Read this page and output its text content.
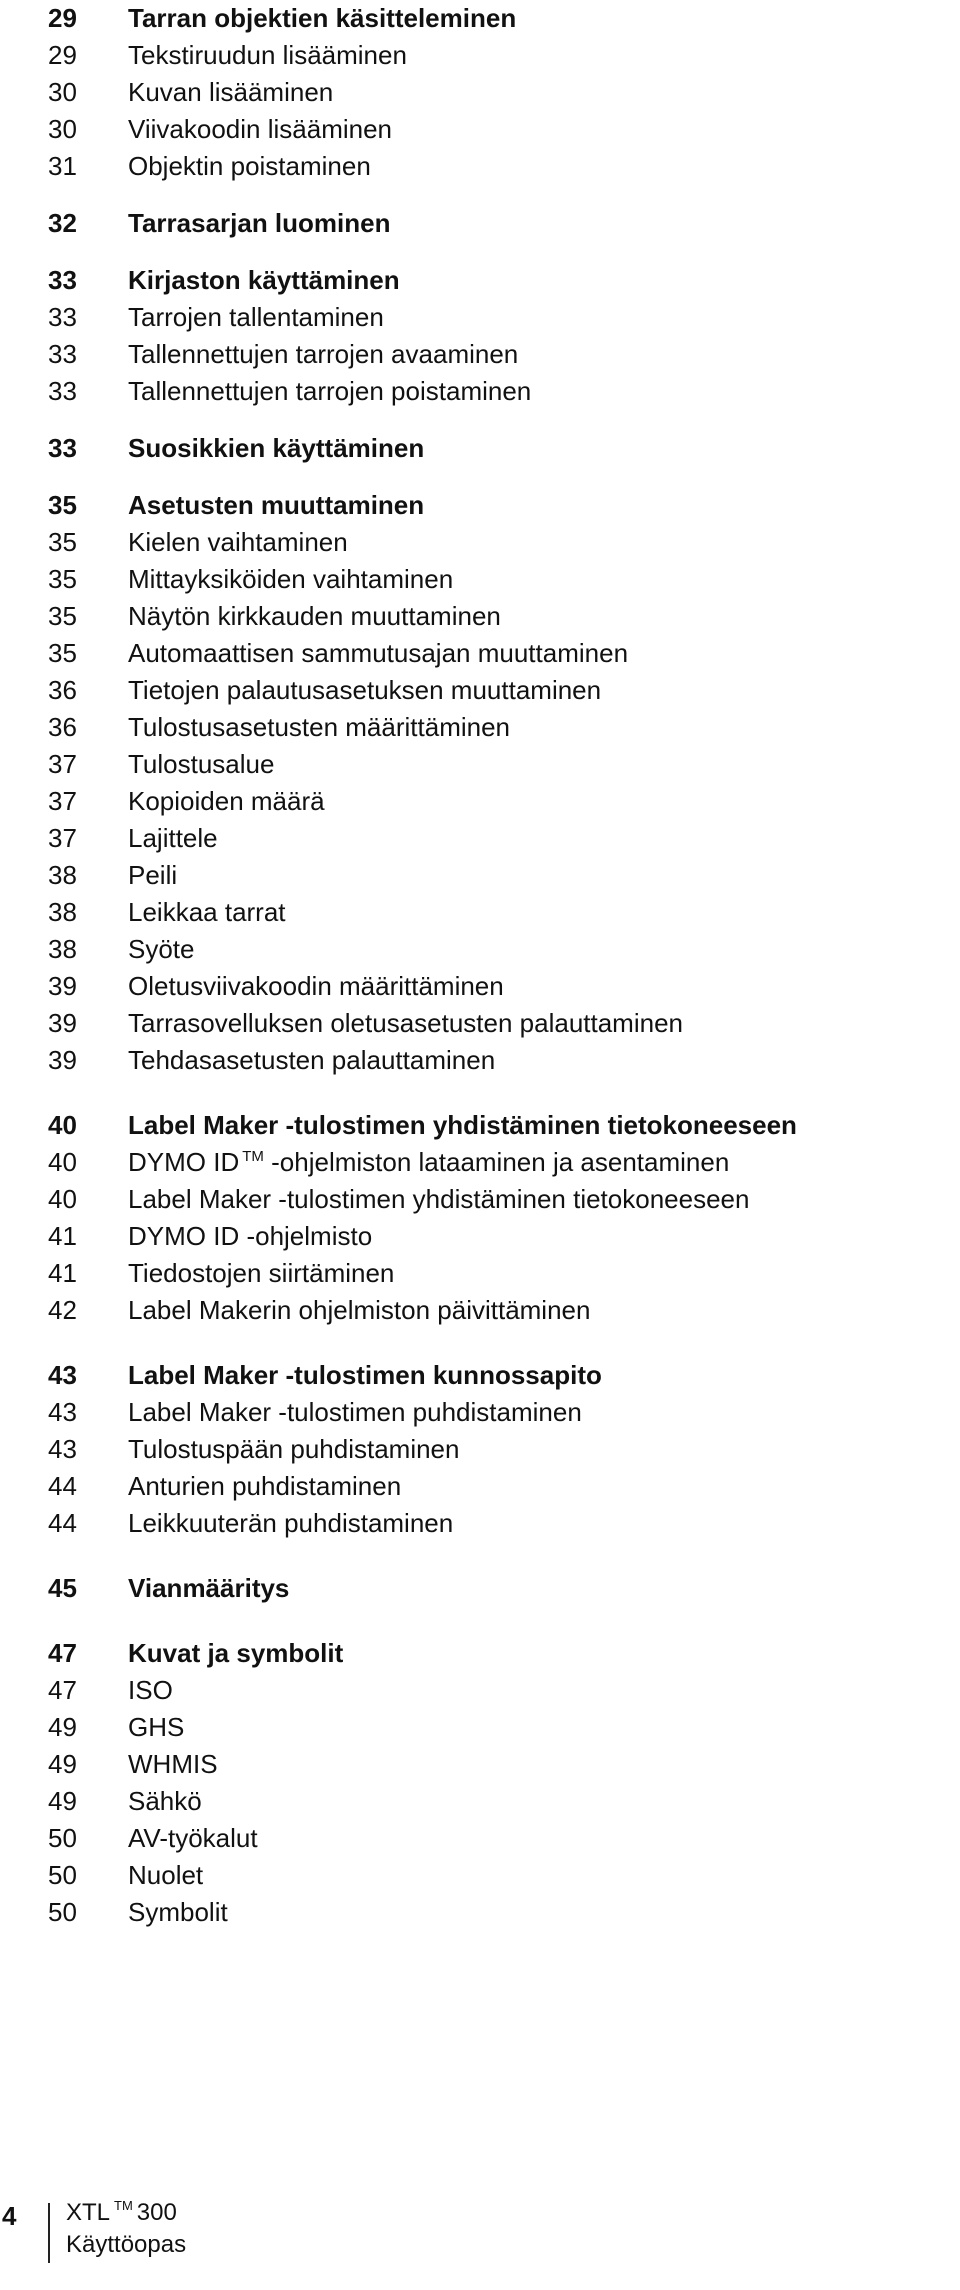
29	Tarran objektien käsitteleminen
29	Tekstiruudun lisääminen
30	Kuvan lisääminen
30	Viivakoodin lisääminen
31	Objektin poistaminen
32	Tarrasarjan luominen
33	Kirjaston käyttäminen
33	Tarrojen tallentaminen
33	Tallennettujen tarrojen avaaminen
33	Tallennettujen tarrojen poistaminen
33	Suosikkien käyttäminen
35	Asetusten muuttaminen
35	Kielen vaihtaminen
35	Mittayksiköiden vaihtaminen
35	Näytön kirkkauden muuttaminen
35	Automaattisen sammutusajan muuttaminen
36	Tietojen palautusasetuksen muuttaminen
36	Tulostusasetusten määrittäminen
37	Tulostusalue
37	Kopioiden määrä
37	Lajittele
38	Peili
38	Leikkaa tarrat
38	Syöte
39	Oletusviivakoodin määrittäminen
39	Tarrasovelluksen oletusasetusten palauttaminen
39	Tehdasasetusten palauttaminen
40	Label Maker -tulostimen yhdistäminen tietokoneeseen
40	DYMO ID ™ -ohjelmiston lataaminen ja asentaminen
40	Label Maker -tulostimen yhdistäminen tietokoneeseen
41	DYMO ID -ohjelmisto
41	Tiedostojen siirtäminen
42	Label Makerin ohjelmiston päivittäminen
43	Label Maker -tulostimen kunnossapito
43	Label Maker -tulostimen puhdistaminen
43	Tulostuspään puhdistaminen
44	Anturien puhdistaminen
44	Leikkuuterän puhdistaminen
45	Vianmääritys
47	Kuvat ja symbolit
47	ISO
49	GHS
49	WHMIS
49	Sähkö
50	AV-työkalut
50	Nuolet
50	Symbolit
4 XTL ™ 300
Käyttöopas
